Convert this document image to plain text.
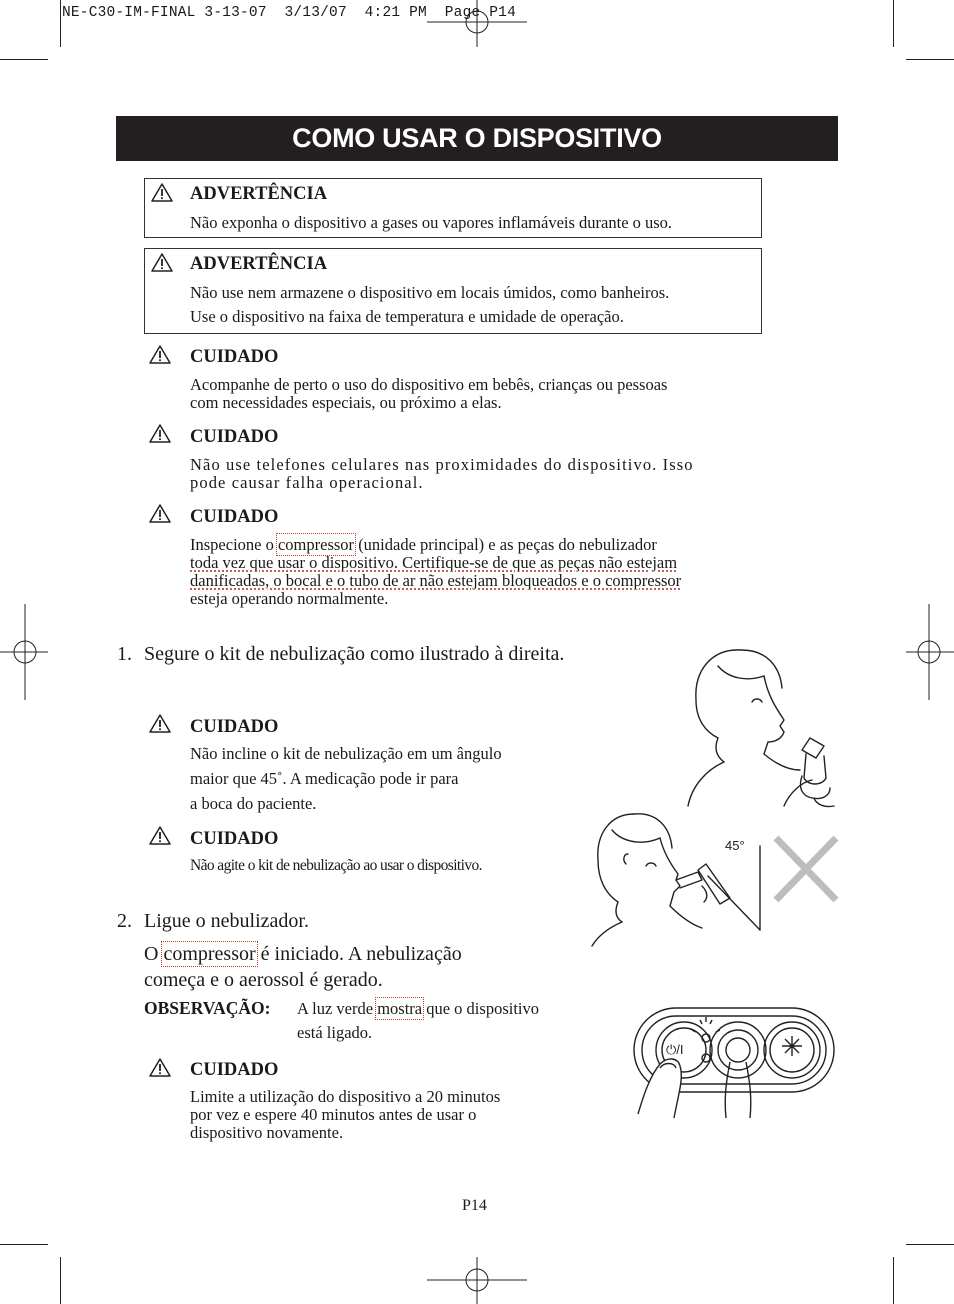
NE-C30-IM-FINAL 3-13-07  3/13/07  4:21 PM  Page P14
COMO USAR O DISPOSITIVO
ADVERTÊNCIA
Não exponha o dispositivo a gases ou vapores inflamáveis durante o uso.
ADVERTÊNCIA
Não use nem armazene o dispositivo em locais úmidos, como banheiros.
Use o dispositivo na faixa de temperatura e umidade de operação.
CUIDADO
Acompanhe de perto o uso do dispositivo em bebês, crianças ou pessoas
com necessidades especiais, ou próximo a elas.
CUIDADO
Não use telefones celulares nas proximidades do dispositivo. Isso
pode causar falha operacional.
CUIDADO
Inspecione o compressor (unidade principal) e as peças do nebulizador
toda vez que usar o dispositivo. Certifique-se de que as peças não estejam
danificadas, o bocal e o tubo de ar não estejam bloqueados e o compressor
esteja operando normalmente.
1. Segure o kit de nebulização como ilustrado à direita.
CUIDADO
Não incline o kit de nebulização em um ângulo
maior que 45˚. A medicação pode ir para
a boca do paciente.
CUIDADO
Não agite o kit de nebulização ao usar o dispositivo.
2. Ligue o nebulizador.
O compressor é iniciado. A nebulização
começa e o aerossol é gerado.
OBSERVAÇÃO: A luz verde mostra que o dispositivo
está ligado.
CUIDADO
Limite a utilização do dispositivo a 20 minutos
por vez e espere 40 minutos antes de usar o
dispositivo novamente.
45°
⏻/I
P14
